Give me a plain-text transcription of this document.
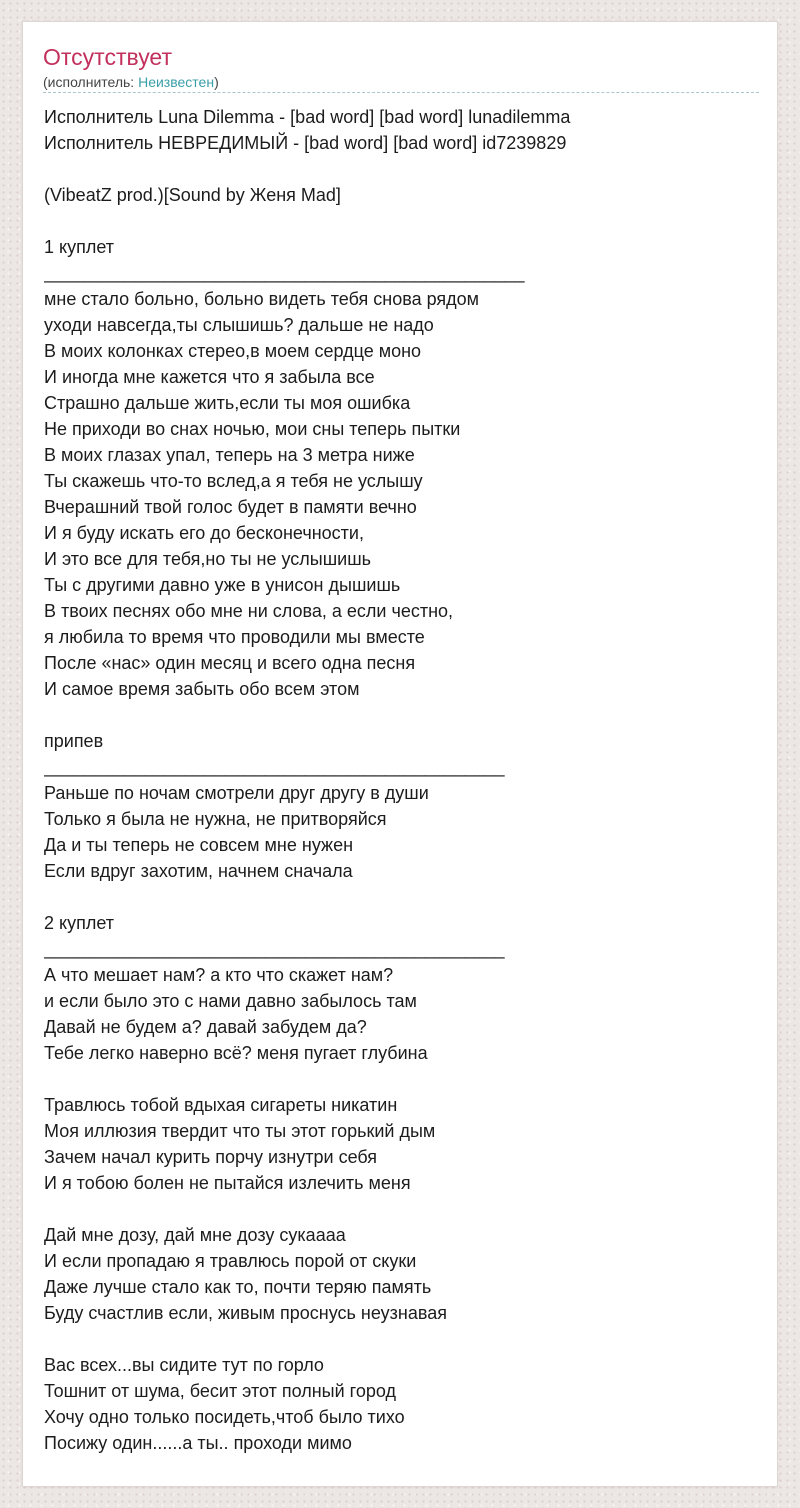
Отсутствует
(исполнитель: Неизвестен)
Исполнитель Luna Dilemma - [bad word] [bad word] lunadilemma
Исполнитель НЕВРЕДИМЫЙ - [bad word] [bad word] id7239829
(VibeatZ prod.)[Sound by Женя Mad]
1 куплет
________________________________________________
мне стало больно, больно видеть тебя снова рядом
уходи навсегда,ты слышишь? дальше не надо
В моих колонках стерео,в моем сердце моно
И иногда мне кажется что я забыла все
Страшно дальше жить,если ты моя ошибка
Не приходи во снах ночью, мои сны теперь пытки
В моих глазах упал, теперь на 3 метра ниже
Ты скажешь что-то вслед,а я тебя не услышу
Вчерашний твой голос будет в памяти вечно
И я буду искать его до бесконечности,
И это все для тебя,но ты не услышишь
Ты с другими давно уже в унисон дышишь
В твоих песнях обо мне ни слова, а если честно,
я любила то время что проводили мы вместе
После «нас» один месяц и всего одна песня
И самое время забыть обо всем этом
припев
______________________________________________
Раньше по ночам смотрели друг другу в души
Только я была не нужна, не притворяйся
Да и ты теперь не совсем мне нужен
Если вдруг захотим, начнем сначала
2 куплет
______________________________________________
А что мешает нам? а кто что скажет нам?
и если было это с нами давно забылось там
Давай не будем а? давай забудем да?
Тебе легко наверно всё? меня пугает глубина
Травлюсь тобой вдыхая сигареты никатин
Моя иллюзия твердит что ты этот горький дым
Зачем начал курить порчу изнутри себя
И я тобою болен не пытайся излечить меня
Дай мне дозу, дай мне дозу сукаааа
И если пропадаю я травлюсь порой от скуки
Даже лучше стало как то, почти теряю память
Буду счастлив если, живым проснусь неузнавая
Вас всех...вы сидите тут по горло
Тошнит от шума, бесит этот полный город
Хочу одно только посидеть,чтоб было тихо
Посижу один......а ты.. проходи мимо
